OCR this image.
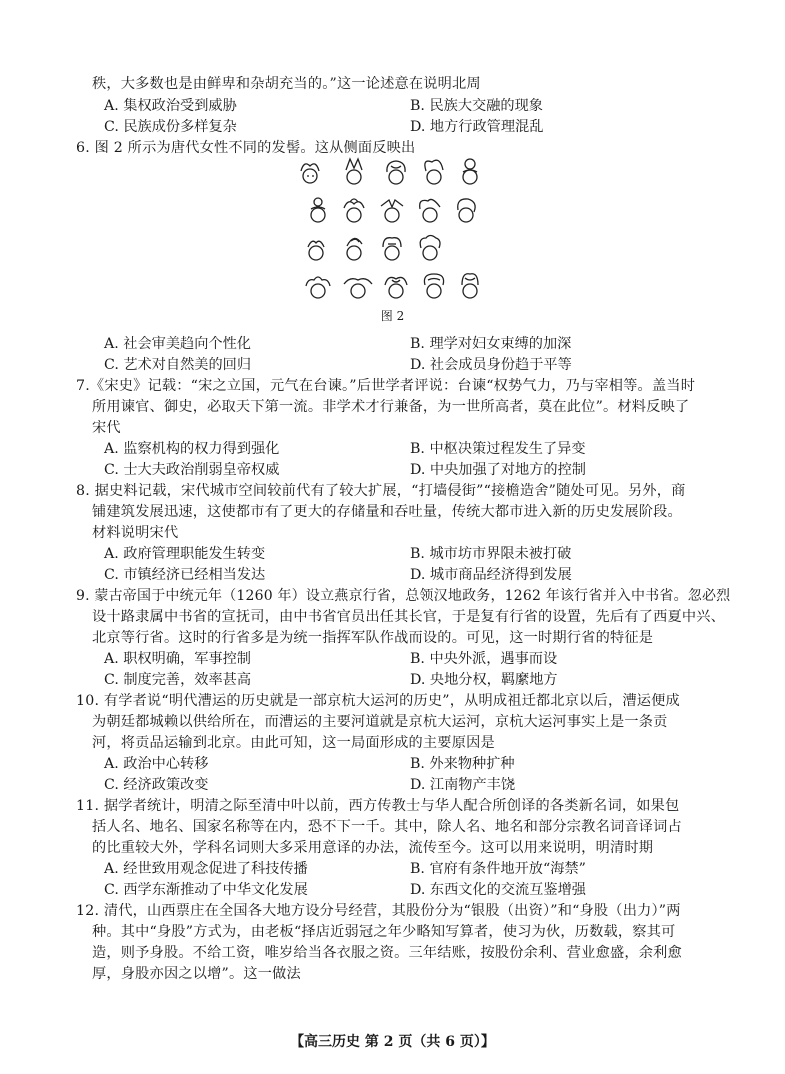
秩，大多数也是由鲜卑和杂胡充当的。”这一论述意在说明北周
A. 集权政治受到威胁	B. 民族大交融的现象
C. 民族成份多样复杂	D. 地方行政管理混乱
6. 图 2 所示为唐代女性不同的发髻。这从侧面反映出
图 2
A. 社会审美趋向个性化	B. 理学对妇女束缚的加深
C. 艺术对自然美的回归	D. 社会成员身份趋于平等
7.《宋史》记载：“宋之立国，元气在台谏。”后世学者评说：台谏“权势气力，乃与宰相等。盖当时
所用谏官、御史，必取天下第一流。非学术才行兼备，为一世所高者，莫在此位”。材料反映了
宋代
A. 监察机构的权力得到强化	B. 中枢决策过程发生了异变
C. 士大夫政治削弱皇帝权威	D. 中央加强了对地方的控制
8. 据史料记载，宋代城市空间较前代有了较大扩展，“打墙侵街”“接檐造舍”随处可见。另外，商
铺建筑发展迅速，这使都市有了更大的存储量和吞吐量，传统大都市进入新的历史发展阶段。
材料说明宋代
A. 政府管理职能发生转变	B. 城市坊市界限未被打破
C. 市镇经济已经相当发达	D. 城市商品经济得到发展
9. 蒙古帝国于中统元年（1260 年）设立燕京行省，总领汉地政务，1262 年该行省并入中书省。忽必烈
设十路隶属中书省的宣抚司，由中书省官员出任其长官，于是复有行省的设置，先后有了西夏中兴、
北京等行省。这时的行省多是为统一指挥军队作战而设的。可见，这一时期行省的特征是
A. 职权明确，军事控制	B. 中央外派，遇事而设
C. 制度完善，效率甚高	D. 央地分权，羁縻地方
10. 有学者说“明代漕运的历史就是一部京杭大运河的历史”，从明成祖迁都北京以后，漕运便成
为朝廷都城赖以供给所在，而漕运的主要河道就是京杭大运河，京杭大运河事实上是一条贡
河，将贡品运输到北京。由此可知，这一局面形成的主要原因是
A. 政治中心转移	B. 外来物种扩种
C. 经济政策改变	D. 江南物产丰饶
11. 据学者统计，明清之际至清中叶以前，西方传教士与华人配合所创译的各类新名词，如果包
括人名、地名、国家名称等在内，恐不下一千。其中，除人名、地名和部分宗教名词音译词占
的比重较大外，学科名词则大多采用意译的办法，流传至今。这可以用来说明，明清时期
A. 经世致用观念促进了科技传播	B. 官府有条件地开放“海禁”
C. 西学东渐推动了中华文化发展	D. 东西文化的交流互鉴增强
12. 清代，山西票庄在全国各大地方设分号经营，其股份分为“银股（出资）”和“身股（出力）”两
种。其中“身股”方式为，由老板“择店近弱冠之年少略知写算者，使习为伙，历数载，察其可
造，则予身股。不给工资，唯岁给当各衣服之资。三年结账，按股份余利、营业愈盛，余利愈
厚，身股亦因之以增”。这一做法
【高三历史 第 2 页（共 6 页）】
